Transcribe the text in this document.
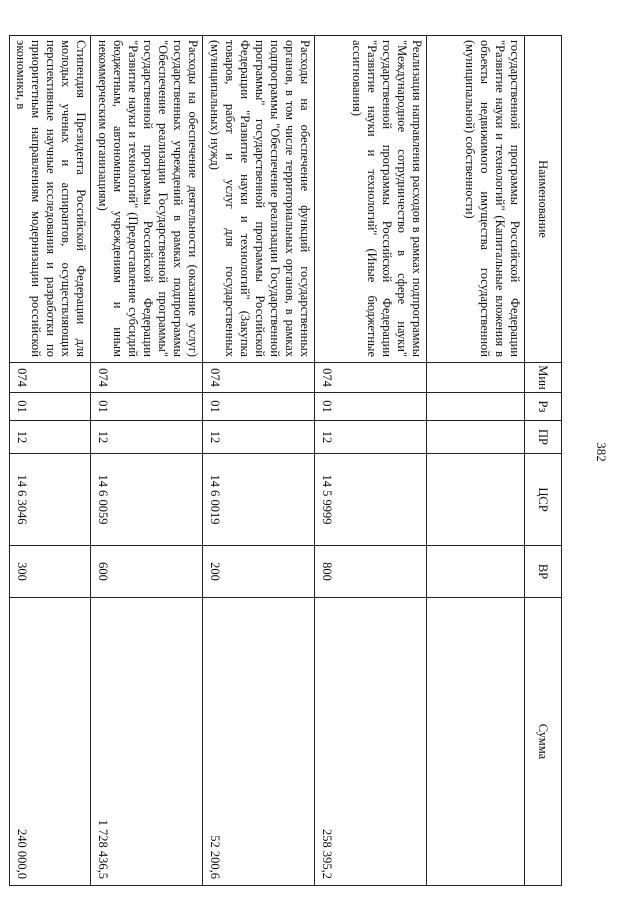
382
Наименование	Мин	Рз	ПР	ЦСР	ВР	Сумма
государственной программы Российской Федерации "Развитие науки и технологий" (Капитальные вложения в объекты недвижимого имущества государственной (муниципальной) собственности)						
Реализация направления расходов в рамках подпрограммы "Международное сотрудничество в сфере науки" государственной программы Российской Федерации "Развитие науки и технологий" (Иные бюджетные ассигнования)	074	01	12	14 5 9999	800	258 395,2
Расходы на обеспечение функций государственных органов, в том числе территориальных органов, в рамках подпрограммы "Обеспечение реализации Государственной программы" государственной программы Российской Федерации "Развитие науки и технологий" (Закупка товаров, работ и услуг для государственных (муниципальных) нужд)	074	01	12	14 6 0019	200	52 200,6
Расходы на обеспечение деятельности (оказание услуг) государственных учреждений в рамках подпрограммы "Обеспечение реализации Государственной программы" государственной программы Российской Федерации "Развитие науки и технологий" (Предоставление субсидий бюджетным, автономным учреждениям и иным некоммерческим организациям)	074	01	12	14 6 0059	600	1 728 436,5
Стипендия Президента Российской Федерации для молодых ученых и аспирантов, осуществляющих перспективные научные исследования и разработки по приоритетным направлениям модернизации российской экономики, в	074	01	12	14 6 3046	300	240 000,0
